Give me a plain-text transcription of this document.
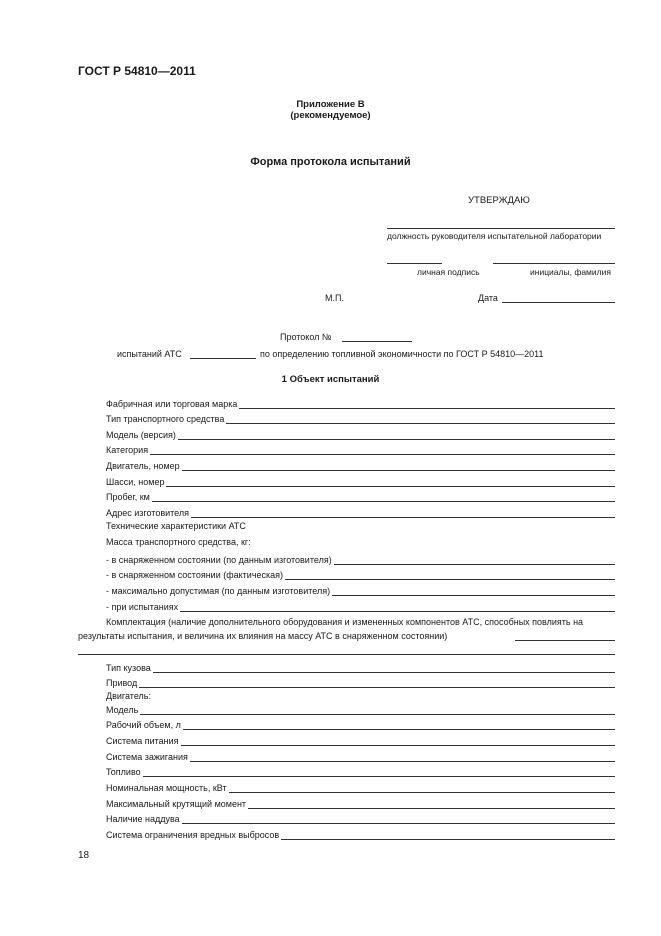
ГОСТ Р 54810—2011
Приложение В
(рекомендуемое)
Форма протокола испытаний
УТВЕРЖДАЮ
должность руководителя испытательной лаборатории
личная подпись	инициалы, фамилия
М.П.	Дата
Протокол №
испытаний АТС	по определению топливной экономичности по ГОСТ Р 54810—2011
1 Объект испытаний
Фабричная или торговая марка
Тип транспортного средства
Модель (версия)
Категория
Двигатель, номер
Шасси, номер
Пробег, км
Адрес изготовителя
Технические характеристики АТС
Масса транспортного средства, кг:
- в снаряженном состоянии (по данным изготовителя)
- в снаряженном состоянии (фактическая)
- максимально допустимая (по данным изготовителя)
- при испытаниях
Комплектация (наличие дополнительного оборудования и измененных компонентов АТС, способных повлиять на результаты испытания, и величина их влияния на массу АТС в снаряженном состоянии)
Тип кузова
Привод
Двигатель:
Модель
Рабочий объем, л
Система питания
Система зажигания
Топливо
Номинальная мощность, кВт
Максимальный крутящий момент
Наличие наддува
Система ограничения вредных выбросов
18
